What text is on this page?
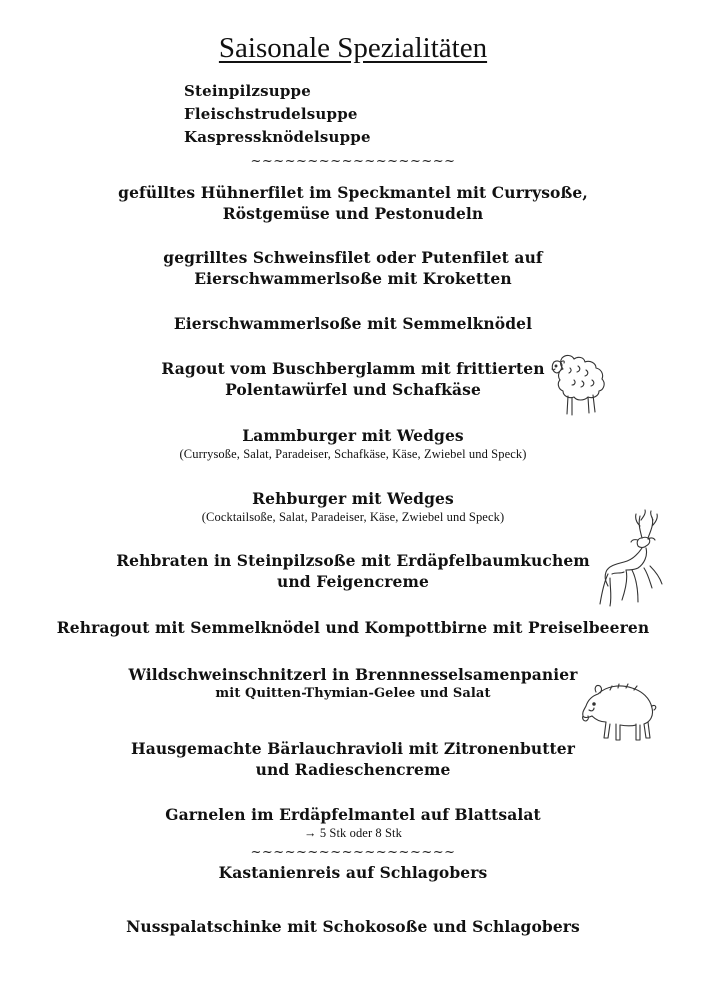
Saisonale Spezialitäten
Steinpilzsuppe
Fleischstrudelsuppe
Kaspressknödelsuppe
~~~~~~~~~~~~~~~~~~
gefülltes Hühnerfilet im Speckmantel mit Currysoße,
Röstgemüse und Pestonudeln
gegrilltes Schweinsfilet oder Putenfilet auf
Eierschwammerlsoße mit Kroketten
Eierschwammerlsoße mit Semmelknödel
Ragout vom Buschberglamm mit frittierten
Polentawürfel und Schafkäse
Lammburger mit Wedges
(Currysoße, Salat, Paradeiser, Schafkäse, Käse, Zwiebel und Speck)
Rehburger mit Wedges
(Cocktailsoße, Salat, Paradeiser, Käse, Zwiebel und Speck)
Rehbraten in Steinpilzsoße mit Erdäpfelbaumkuchem
und Feigencreme
Rehragout mit Semmelknödel und Kompottbirne mit Preiselbeeren
Wildschweinschnitzerl in Brennnesselsamenpanier
mit Quitten-Thymian-Gelee und Salat
Hausgemachte Bärlauchravioli mit Zitronenbutter
und Radieschencreme
Garnelen im Erdäpfelmantel auf Blattsalat
→ 5 Stk oder 8 Stk
~~~~~~~~~~~~~~~~~~
Kastanienreis auf Schlagobers
Nusspalatschinke mit Schokosoße und Schlagobers
